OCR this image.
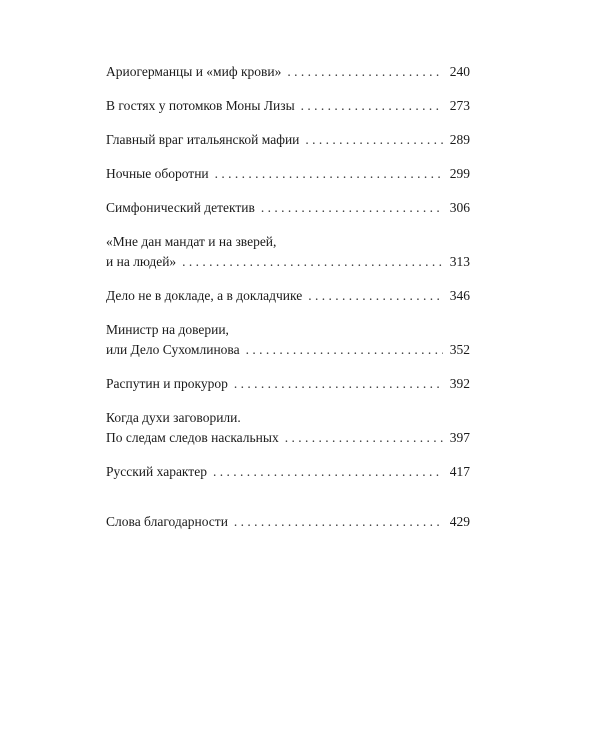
Ариогерманцы и «миф крови» . . .	240
В гостях у потомков Моны Лизы . . .	273
Главный враг итальянской мафии . . .	289
Ночные оборотни . . .	299
Симфонический детектив . . .	306
«Мне дан мандат и на зверей,
и на людей» . . .	313
Дело не в докладе, а в докладчике . . .	346
Министр на доверии,
или Дело Сухомлинова . . .	352
Распутин и прокурор . . .	392
Когда духи заговорили.
По следам следов наскальных . . .	397
Русский характер . . .	417
Слова благодарности . . .	429
